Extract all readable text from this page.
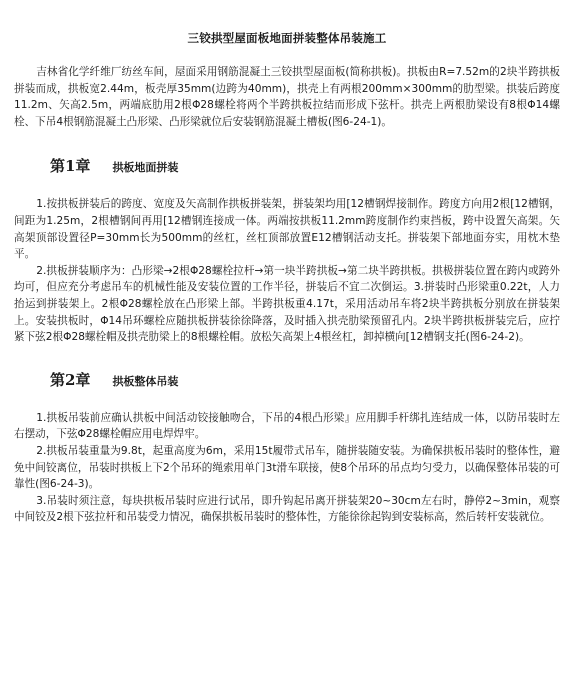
三铰拱型屋面板地面拼装整体吊装施工

吉林省化学纤维厂纺丝车间，屋面采用钢筋混凝土三铰拱型屋面板(简称拱板)。拱板由R=7.52m的2块半跨拱板拼装而成，拱板宽2.44m，板壳厚35mm(边跨为40mm)，拱壳上有两根200mm×300mm的肋型梁。拱装后跨度11.2m、矢高2.5m，两端底肋用2根Φ28螺栓将两个半跨拱板拉结而形成下弦杆。拱壳上两根肋梁设有8根Φ14螺栓、下吊4根钢筋混凝土凸形梁、凸形梁就位后安装钢筋混凝土槽板(图6-24-1)。

第1章 拱板地面拼装

1.按拱板拼装后的跨度、宽度及矢高制作拱板拼装架，拼装架均用[12槽钢焊接制作。跨度方向用2根[12槽钢，间距为1.25m，2根槽钢间再用[12槽钢连接成一体。两端按拱板11.2mm跨度制作约束挡板，跨中设置矢高架。矢高架顶部设置径P=30mm长为500mm的丝杠，丝杠顶部放置E12槽钢活动支托。拼装架下部地面夯实，用枕木垫平。

2.拱板拼装顺序为：凸形梁→2根Φ28螺栓拉杆→第一块半跨拱板→第二块半跨拱板。拱极拼装位置在跨内或跨外均可，但应充分考虑吊车的机械性能及安装位置的工作半径，拼装后不宜二次倒运。3.拼装时凸形梁重0.22t，人力抬运到拼装架上。2根Φ28螺栓放在凸形梁上部。半跨拱板重4.17t，采用活动吊车将2块半跨拱板分别放在拼装架上。安装拱板时，Φ14吊环螺栓应随拱板拼装徐徐降落，及时插入拱壳肋梁预留孔内。2块半跨拱板拼装完后，应拧紧下弦2根Φ28螺栓帽及拱壳肋梁上的8根螺栓帽。放松矢高架上4根丝杠，卸掉横向[12槽钢支托(图6-24-2)。

第2章 拱板整体吊装

1.拱板吊装前应确认拱板中间活动铰接触吻合，下吊的4根凸形梁』应用脚手杆绑扎连结成一体，以防吊装时左右摆动，下弦Φ28螺栓帽应用电焊焊牢。

2.拱板吊装重量为9.8t，起重高度为6m，采用15t履带式吊车，随拼装随安装。为确保拱板吊装时的整体性，避免中间铰离位，吊装时拱板上下2个吊环的绳索用单门3t滑车联接，使8个吊环的吊点均匀受力，以确保整体吊装的可靠性(图6-24-3)。

3.吊装时须注意，每块拱板吊装时应进行试吊，即升钩起吊离开拼装架20~30cm左右时，静停2~3min，观察中间铰及2根下弦拉杆和吊装受力情况，确保拱板吊装时的整体性，方能徐徐起钩到安装标高，然后转杆安装就位。
